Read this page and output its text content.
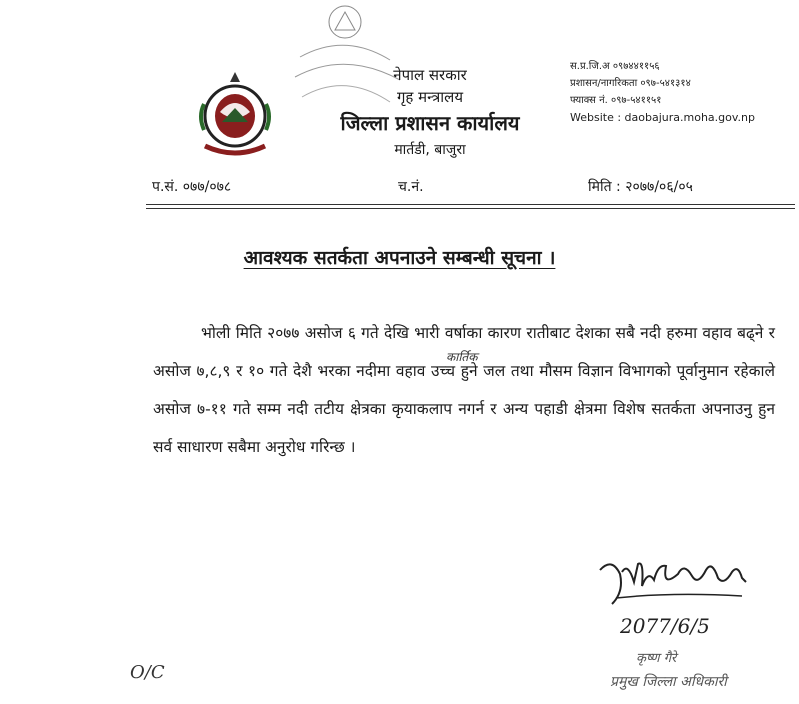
नेपाल सरकार
गृह मन्त्रालय
जिल्ला प्रशासन कार्यालय
मार्तडी, बाजुरा
स.प्र.जि.अ ०९७४४११५६
प्रशासन/नागरिकता ०९७-५४१३१४
फ्याक्स नं. ०९७-५४११५१
Website : daobajura.moha.gov.np
प.सं. ०७७/०७८	च.नं.	मिति : २०७७/०६/०५
आवश्यक सतर्कता अपनाउने सम्बन्धी सूचना ।
कार्तिक
भोली मिति २०७७ असोज ६ गते देखि भारी वर्षाका कारण रातीबाट देशका सबै नदी हरुमा वहाव बढ्ने र असोज ७,८,९ र १० गते देशै भरका नदीमा वहाव उच्च हुने जल तथा मौसम विज्ञान विभागको पूर्वानुमान रहेकाले असोज ७-११ गते सम्म नदी तटीय क्षेत्रका कृयाकलाप नगर्न र अन्य पहाडी क्षेत्रमा विशेष सतर्कता अपनाउनु हुन सर्व साधारण सबैमा अनुरोध गरिन्छ ।
2077/6/5
कृष्ण गैरे
प्रमुख जिल्ला अधिकारी
O/C
